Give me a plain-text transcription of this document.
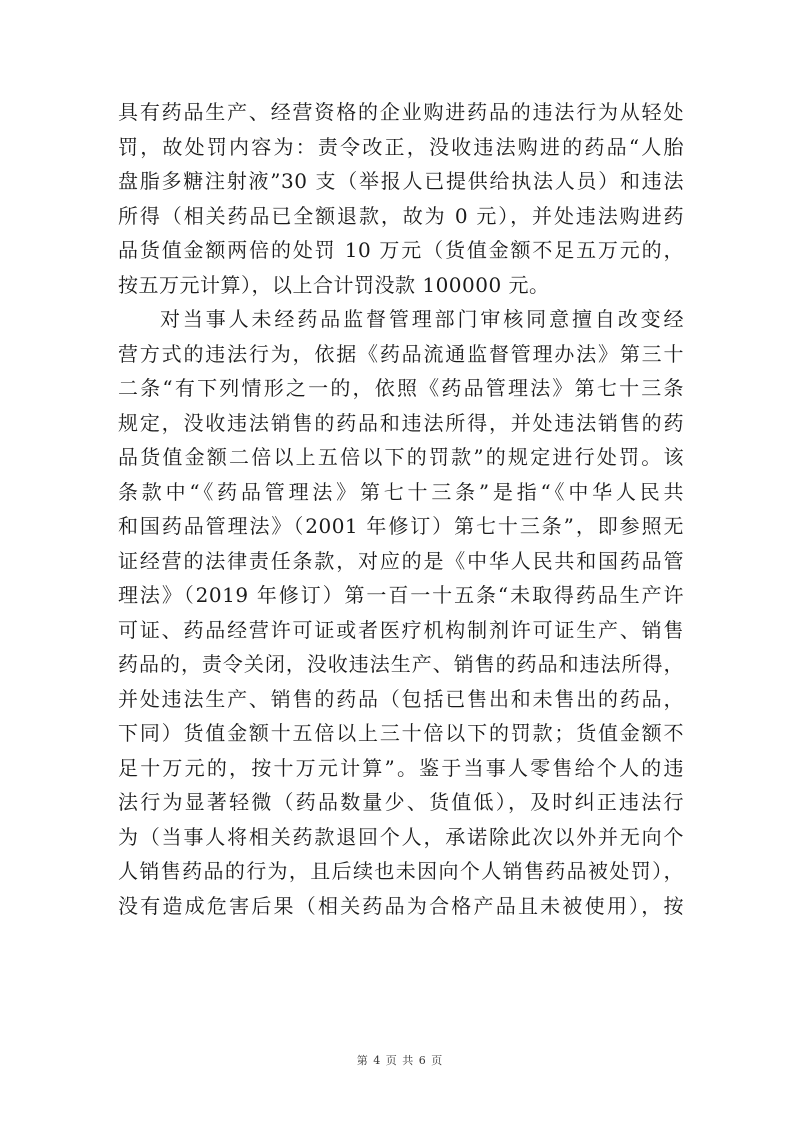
具有药品生产、经营资格的企业购进药品的违法行为从轻处
罚，故处罚内容为：责令改正，没收违法购进的药品“人胎
盘脂多糖注射液”30 支（举报人已提供给执法人员）和违法
所得（相关药品已全额退款，故为 0 元），并处违法购进药
品货值金额两倍的处罚 10 万元（货值金额不足五万元的，
按五万元计算），以上合计罚没款 100000 元。
对当事人未经药品监督管理部门审核同意擅自改变经
营方式的违法行为，依据《药品流通监督管理办法》第三十
二条“有下列情形之一的，依照《药品管理法》第七十三条
规定，没收违法销售的药品和违法所得，并处违法销售的药
品货值金额二倍以上五倍以下的罚款”的规定进行处罚。该
条款中“《药品管理法》第七十三条”是指“《中华人民共
和国药品管理法》（2001 年修订）第七十三条”，即参照无
证经营的法律责任条款，对应的是《中华人民共和国药品管
理法》（2019 年修订）第一百一十五条“未取得药品生产许
可证、药品经营许可证或者医疗机构制剂许可证生产、销售
药品的，责令关闭，没收违法生产、销售的药品和违法所得，
并处违法生产、销售的药品（包括已售出和未售出的药品，
下同）货值金额十五倍以上三十倍以下的罚款；货值金额不
足十万元的，按十万元计算”。鉴于当事人零售给个人的违
法行为显著轻微（药品数量少、货值低），及时纠正违法行
为（当事人将相关药款退回个人，承诺除此次以外并无向个
人销售药品的行为，且后续也未因向个人销售药品被处罚），
没有造成危害后果（相关药品为合格产品且未被使用），按
第 4 页 共 6 页
